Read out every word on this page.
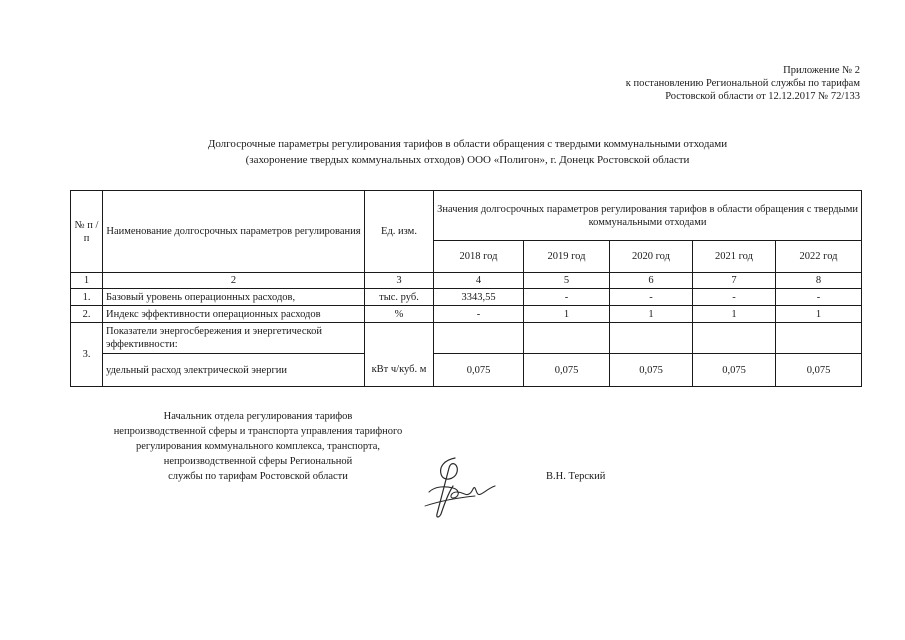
Приложение № 2
к постановлению Региональной службы по тарифам
Ростовской области от 12.12.2017 № 72/133
Долгосрочные параметры регулирования тарифов в области обращения с твердыми коммунальными отходами
(захоронение твердых коммунальных отходов) ООО «Полигон», г. Донецк Ростовской области
№ п /п	Наименование долгосрочных параметров регулирования	Ед. изм.	Значения долгосрочных параметров регулирования тарифов в области обращения с твердыми коммунальными отходами				
			2018 год	2019 год	2020 год	2021 год	2022 год
1	2	3	4	5	6	7	8
1.	Базовый уровень операционных расходов,	тыс. руб.	3343,55	-	-	-	-
2.	Индекс эффективности операционных расходов	%	-	1	1	1	1
3.	Показатели энергосбережения и энергетической эффективности:						
	удельный расход электрической энергии	кВт ч/куб. м	0,075	0,075	0,075	0,075	0,075
Начальник отдела регулирования тарифов
непроизводственной сферы и транспорта управления тарифного
регулирования коммунального комплекса, транспорта,
непроизводственной сферы Региональной
службы по тарифам Ростовской области	В.Н. Терский
